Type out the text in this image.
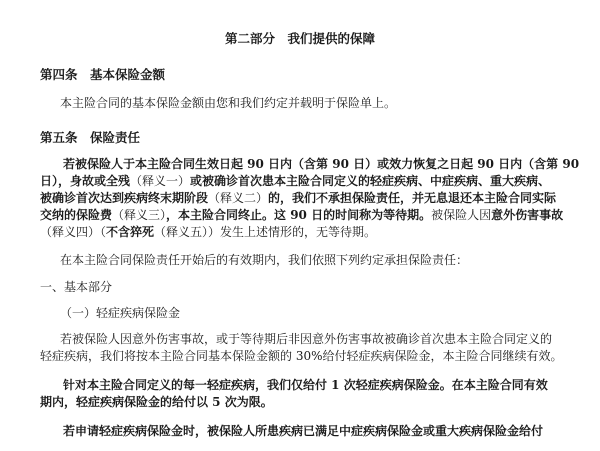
第二部分　我们提供的保障
第四条　基本保险金额
本主险合同的基本保险金额由您和我们约定并载明于保险单上。
第五条　保险责任
若被保险人于本主险合同生效日起 90 日内（含第 90 日）或效力恢复之日起 90 日内（含第 90
日），身故或全残（释义一）或被确诊首次患本主险合同定义的轻症疾病、中症疾病、重大疾病、
被确诊首次达到疾病终末期阶段（释义二）的，我们不承担保险责任，并无息退还本主险合同实际
交纳的保险费（释义三），本主险合同终止。这 90 日的时间称为等待期。被保险人因意外伤害事故
（释义四）（不含猝死（释义五））发生上述情形的，无等待期。
在本主险合同保险责任开始后的有效期内，我们依照下列约定承担保险责任：
一、基本部分
（一）轻症疾病保险金
若被保险人因意外伤害事故，或于等待期后非因意外伤害事故被确诊首次患本主险合同定义的
轻症疾病，我们将按本主险合同基本保险金额的 30%给付轻症疾病保险金，本主险合同继续有效。
针对本主险合同定义的每一轻症疾病，我们仅给付 1 次轻症疾病保险金。在本主险合同有效
期内，轻症疾病保险金的给付以 5 次为限。
若申请轻症疾病保险金时，被保险人所患疾病已满足中症疾病保险金或重大疾病保险金给付
